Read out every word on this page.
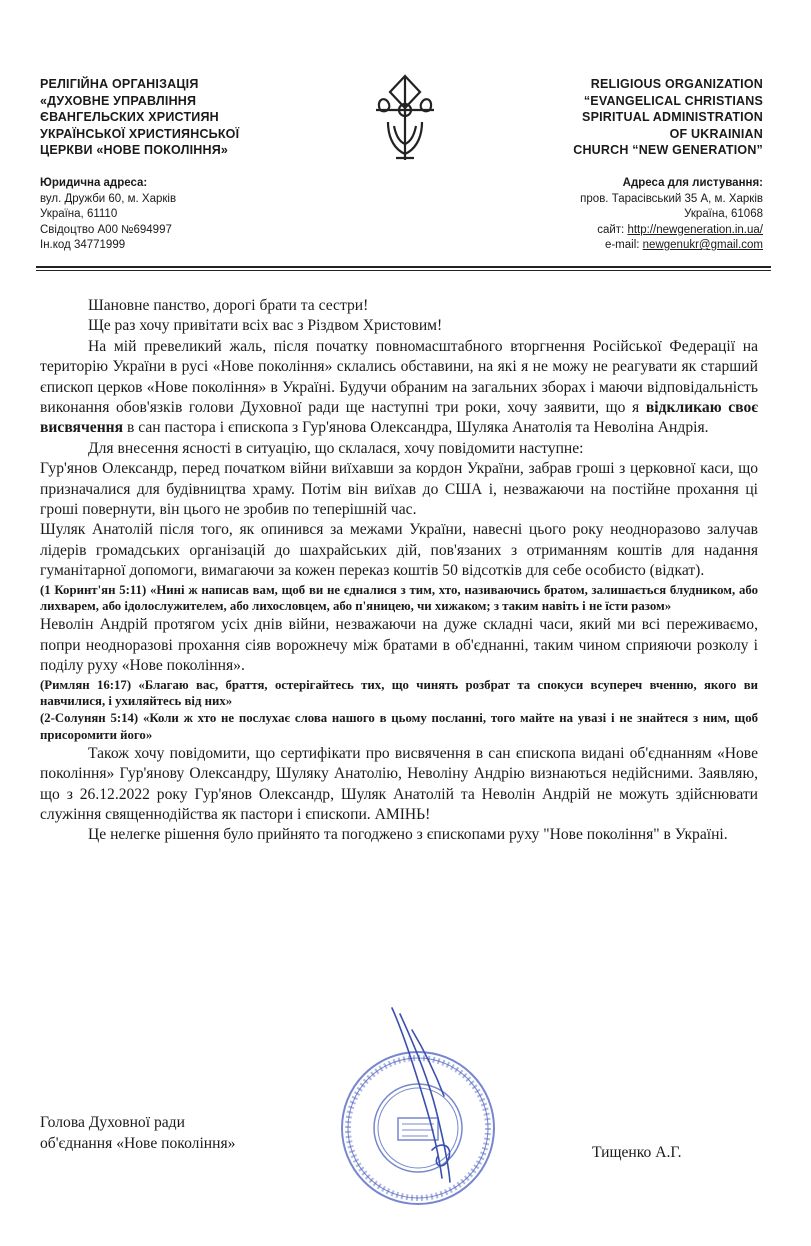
РЕЛІГІЙНА ОРГАНІЗАЦІЯ
«ДУХОВНЕ УПРАВЛІННЯ
ЄВАНГЕЛЬСКИХ ХРИСТИЯН
УКРАЇНСЬКОЇ ХРИСТИЯНСЬКОЇ
ЦЕРКВИ «НОВЕ ПОКОЛІННЯ»
RELIGIOUS ORGANIZATION
“EVANGELICAL CHRISTIANS
SPIRITUAL ADMINISTRATION
OF UKRAINIAN
CHURCH “NEW GENERATION”
Юридична адреса:
вул. Дружби 60, м. Харків
Україна, 61110
Свідоцтво А00 №694997
Ін.код 34771999
Адреса для листування:
пров. Тарасівський 35 А, м. Харків
Україна, 61068
сайт: http://newgeneration.in.ua/
e-mail: newgenukr@gmail.com

Шановне панство, дорогі брати та сестри!

Ще раз хочу привітати всіх вас з Різдвом Христовим!

На мій превеликий жаль, після початку повномасштабного вторгнення Російської Федерації на територію України в русі «Нове покоління» склались обставини, на які я не можу не реагувати як старший єпископ церков «Нове покоління» в Україні. Будучи обраним на загальних зборах і маючи відповідальність виконання обов'язків голови Духовної ради ще наступні три роки, хочу заявити, що я відкликаю своє висвячення в сан пастора і єпископа з Гур'янова Олександра, Шуляка Анатолія та Неволіна Андрія.

Для внесення ясності в ситуацію, що склалася, хочу повідомити наступне:

Гур'янов Олександр, перед початком війни виїхавши за кордон України, забрав гроші з церковної каси, що призначалися для будівництва храму. Потім він виїхав до США і, незважаючи на постійне прохання ці гроші повернути, він цього не зробив по теперішній час.

Шуляк Анатолій після того, як опинився за межами України, навесні цього року неодноразово залучав лідерів громадських організацій до шахрайських дій, пов'язаних з отриманням коштів для надання гуманітарної допомоги, вимагаючи за кожен переказ коштів 50 відсотків для себе особисто (відкат).

(1 Коринт'ян 5:11) «Нині ж написав вам, щоб ви не єдналися з тим, хто, називаючись братом, залишається блудником, або лихварем, або ідолослужителем, або лихословцем, або п'яницею, чи хижаком; з таким навіть і не їсти разом»

Неволін Андрій протягом усіх днів війни, незважаючи на дуже складні часи, який ми всі переживаємо, попри неодноразові прохання сіяв ворожнечу між братами в об'єднанні, таким чином сприяючи розколу і поділу руху «Нове покоління».

(Римлян 16:17) «Благаю вас, браття, остерігайтесь тих, що чинять розбрат та спокуси всупереч вченню, якого ви навчилися, і ухиляйтесь від них»

(2-Солунян 5:14) «Коли ж хто не послухає слова нашого в цьому посланні, того майте на увазі і не знайтеся з ним, щоб присоромити його»

Також хочу повідомити, що сертифікати про висвячення в сан єпископа видані об'єднанням «Нове покоління» Гур'янову Олександру, Шуляку Анатолію, Неволіну Андрію визнаються недійсними. Заявляю, що з 26.12.2022 року Гур'янов Олександр, Шуляк Анатолій та Неволін Андрій не можуть здійснювати служіння священнодійства як пастори і єпископи. АМІНЬ!

Це нелегке рішення було прийнято та погоджено з єпископами руху "Нове покоління" в Україні.

Голова Духовної ради
об'єднання «Нове покоління»
Тищенко А.Г.
